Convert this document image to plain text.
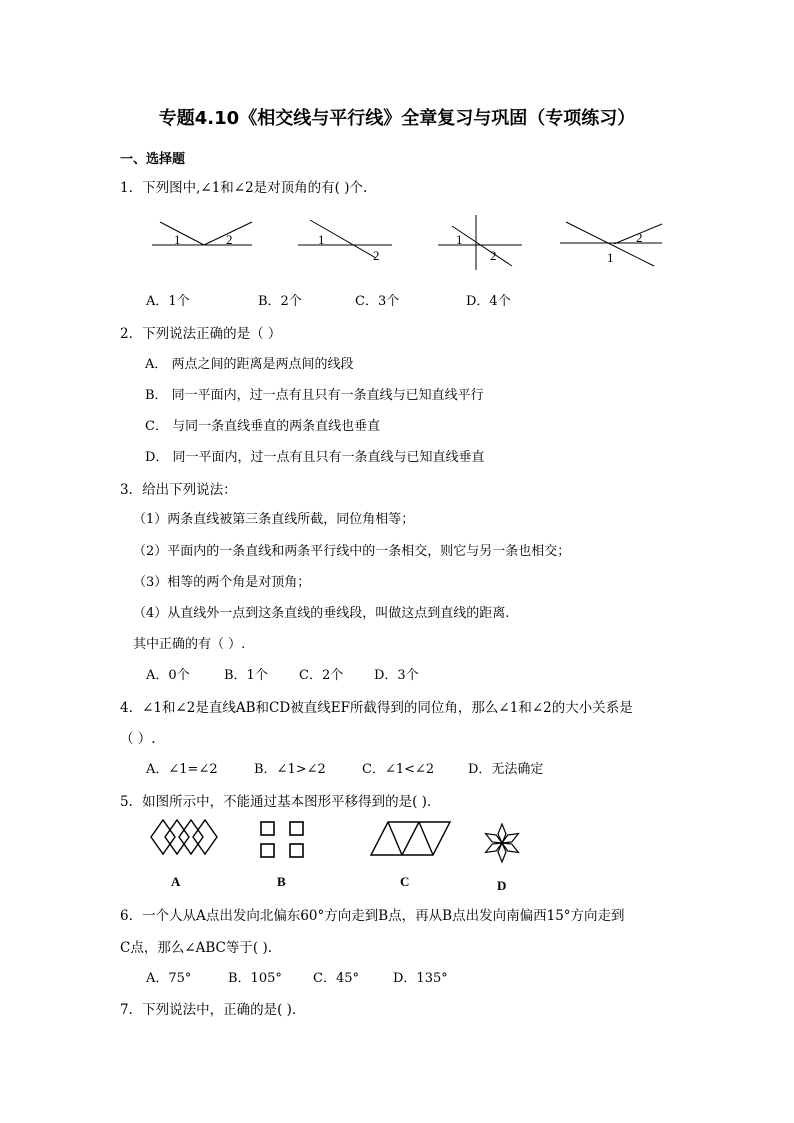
专题4.10《相交线与平行线》全章复习与巩固（专项练习）
一、选择题
1．下列图中,∠1和∠2是对顶角的有( )个.
1	2	1
2
1
2
2
1
A．1个	B．2个	C．3个	D．4个
2．下列说法正确的是（ ）
A． 两点之间的距离是两点间的线段
B． 同一平面内，过一点有且只有一条直线与已知直线平行
C． 与同一条直线垂直的两条直线也垂直
D． 同一平面内，过一点有且只有一条直线与已知直线垂直
3．给出下列说法：
（1）两条直线被第三条直线所截，同位角相等；
（2）平面内的一条直线和两条平行线中的一条相交，则它与另一条也相交；
（3）相等的两个角是对顶角；
（4）从直线外一点到这条直线的垂线段，叫做这点到直线的距离.
其中正确的有（ ）.
A．0个	B．1个 C．2个 D．3个
4．∠1和∠2是直线AB和CD被直线EF所截得到的同位角，那么∠1和∠2的大小关系是
（ ）.
A．∠1=∠2	B．∠1>∠2	C．∠1<∠2	D．无法确定
5．如图所示中，不能通过基本图形平移得到的是( ).
A	B	C	D
6．一个人从A点出发向北偏东60°方向走到B点，再从B点出发向南偏西15°方向走到
C点，那么∠ABC等于( ).
A．75°	B．105° C．45°	D．135°
7．下列说法中，正确的是( ).
